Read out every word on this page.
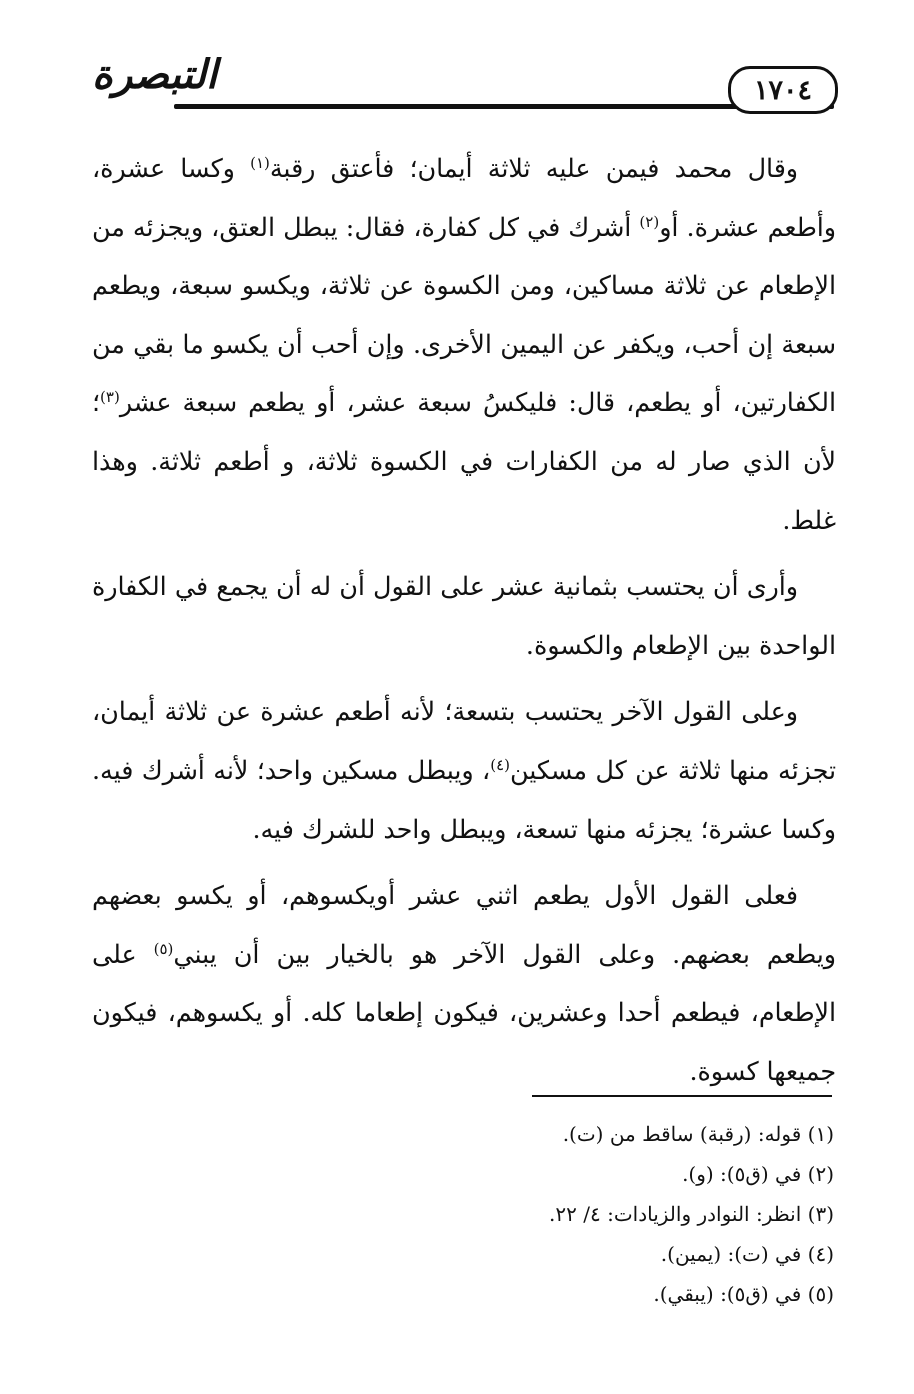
التبصرة	١٧٠٤

وقال محمد فيمن عليه ثلاثة أيمان؛ فأعتق رقبة$^{(١)}$ وكسا عشرة، وأطعم عشرة. أو$^{(٢)}$ أشرك في كل كفارة، فقال: يبطل العتق، ويجزئه من الإطعام عن ثلاثة مساكين، ومن الكسوة عن ثلاثة، ويكسو سبعة، ويطعم سبعة إن أحب، ويكفر عن اليمين الأخرى. وإن أحب أن يكسو ما بقي من الكفارتين، أو يطعم، قال: فليكسُ سبعة عشر، أو يطعم سبعة عشر$^{(٣)}$؛ لأن الذي صار له من الكفارات في الكسوة ثلاثة، و أطعم ثلاثة. وهذا غلط.

وأرى أن يحتسب بثمانية عشر على القول أن له أن يجمع في الكفارة الواحدة بين الإطعام والكسوة.

وعلى القول الآخر يحتسب بتسعة؛ لأنه أطعم عشرة عن ثلاثة أيمان، تجزئه منها ثلاثة عن كل مسكين$^{(٤)}$، ويبطل مسكين واحد؛ لأنه أشرك فيه. وكسا عشرة؛ يجزئه منها تسعة، ويبطل واحد للشرك فيه.

فعلى القول الأول يطعم اثني عشر أويكسوهم، أو يكسو بعضهم ويطعم بعضهم. وعلى القول الآخر هو بالخيار بين أن يبني$^{(٥)}$ على الإطعام، فيطعم أحدا وعشرين، فيكون إطعاما كله. أو يكسوهم، فيكون جميعها كسوة.

(١) قوله: (رقبة) ساقط من (ت).

(٢) في (ق٥): (و).

(٣) انظر: النوادر والزيادات: ٤/ ٢٢.

(٤) في (ت): (يمين).

(٥) في (ق٥): (يبقي).
